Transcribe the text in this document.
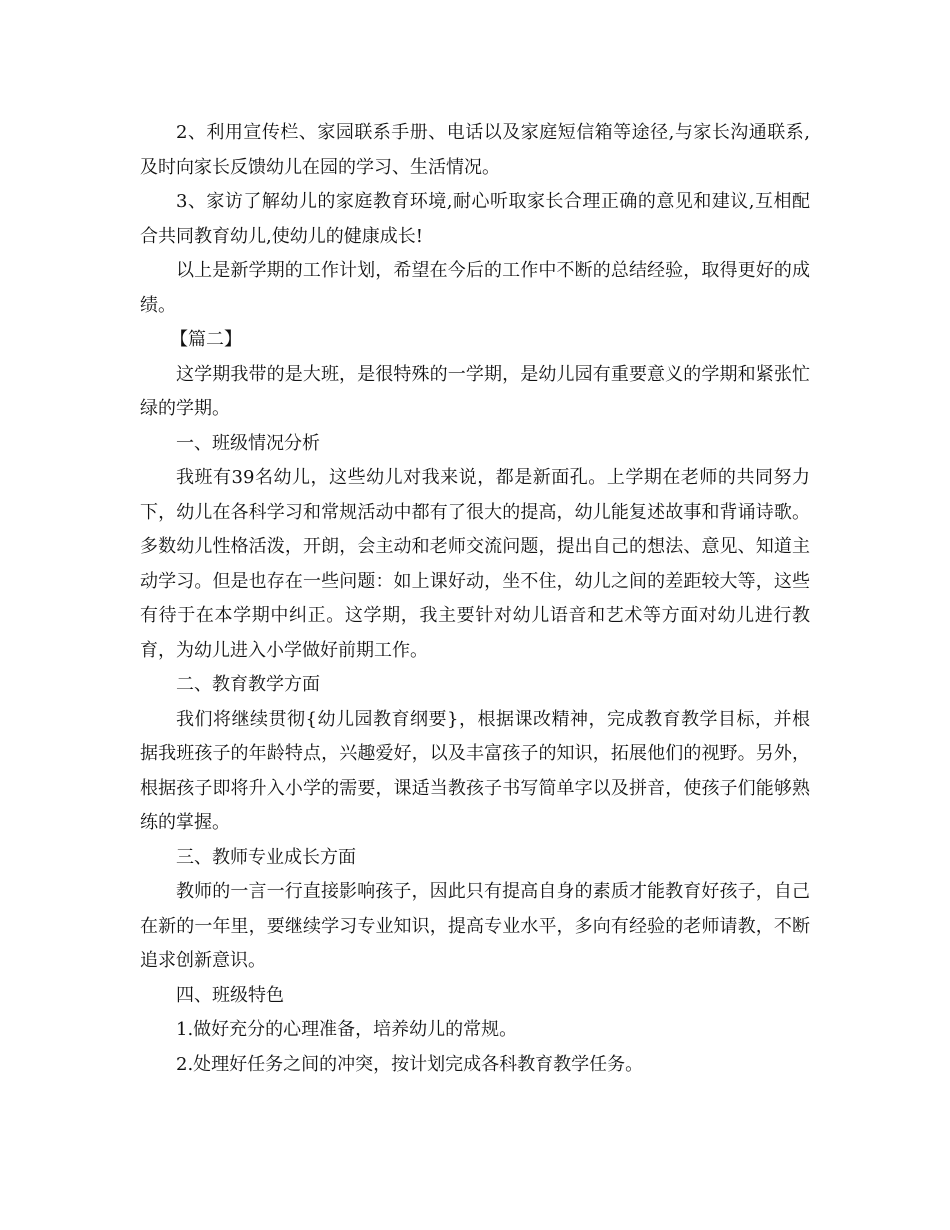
2、利用宣传栏、家园联系手册、电话以及家庭短信箱等途径,与家长沟通联系,及时向家长反馈幼儿在园的学习、生活情况。

3、家访了解幼儿的家庭教育环境,耐心听取家长合理正确的意见和建议,互相配合共同教育幼儿,使幼儿的健康成长!

以上是新学期的工作计划，希望在今后的工作中不断的总结经验，取得更好的成绩。

【篇二】

这学期我带的是大班，是很特殊的一学期，是幼儿园有重要意义的学期和紧张忙绿的学期。

一、班级情况分析

我班有39名幼儿，这些幼儿对我来说，都是新面孔。上学期在老师的共同努力下，幼儿在各科学习和常规活动中都有了很大的提高，幼儿能复述故事和背诵诗歌。多数幼儿性格活泼，开朗，会主动和老师交流问题，提出自己的想法、意见、知道主动学习。但是也存在一些问题：如上课好动，坐不住，幼儿之间的差距较大等，这些有待于在本学期中纠正。这学期，我主要针对幼儿语音和艺术等方面对幼儿进行教育，为幼儿进入小学做好前期工作。

二、教育教学方面

我们将继续贯彻{幼儿园教育纲要}，根据课改精神，完成教育教学目标，并根据我班孩子的年龄特点，兴趣爱好，以及丰富孩子的知识，拓展他们的视野。另外，根据孩子即将升入小学的需要，课适当教孩子书写简单字以及拼音，使孩子们能够熟练的掌握。

三、教师专业成长方面

教师的一言一行直接影响孩子，因此只有提高自身的素质才能教育好孩子，自己在新的一年里，要继续学习专业知识，提高专业水平，多向有经验的老师请教，不断追求创新意识。

四、班级特色

1.做好充分的心理准备，培养幼儿的常规。

2.处理好任务之间的冲突，按计划完成各科教育教学任务。
